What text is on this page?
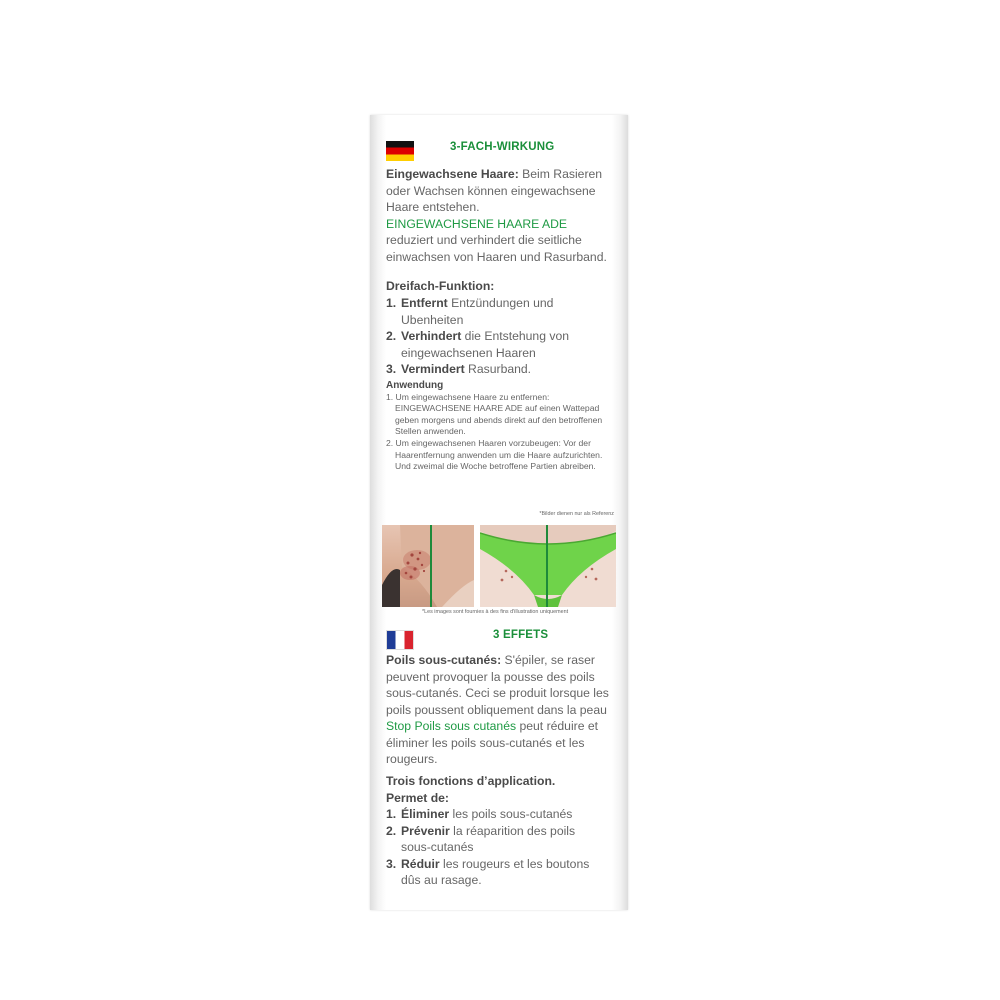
3-FACH-WIRKUNG
Eingewachsene Haare: Beim Rasieren oder Wachsen können eingewachsene Haare entstehen.
EINGEWACHSENE HAARE ADE reduziert und verhindert die seitliche einwachsen von Haaren und Rasurband.
Dreifach-Funktion:
1. Entfernt Entzündungen und Ubenheiten
2. Verhindert die Entstehung von eingewachsenen Haaren
3. Vermindert Rasurband.
Anwendung
1. Um eingewachsene Haare zu entfernen: EINGEWACHSENE HAARE ADE auf einen Wattepad geben morgens und abends direkt auf den betroffenen Stellen anwenden.
2. Um eingewachsenen Haaren vorzubeugen: Vor der Haarentfernung anwenden um die Haare aufzurichten. Und zweimal die Woche betroffene Partien abreiben.
*Bilder dienen nur als Referenz
*Les images sont fournies à des fins d'illustration uniquement
3 EFFETS
Poils sous-cutanés: S'épiler, se raser peuvent provoquer la pousse des poils sous-cutanés. Ceci se produit lorsque les poils poussent obliquement dans la peau Stop Poils sous cutanés peut réduire et éliminer les poils sous-cutanés et les rougeurs.
Trois fonctions d’application. Permet de:
1. Éliminer les poils sous-cutanés
2. Prévenir la réaparition des poils sous-cutanés
3. Réduir les rougeurs et les boutons dûs au rasage.
